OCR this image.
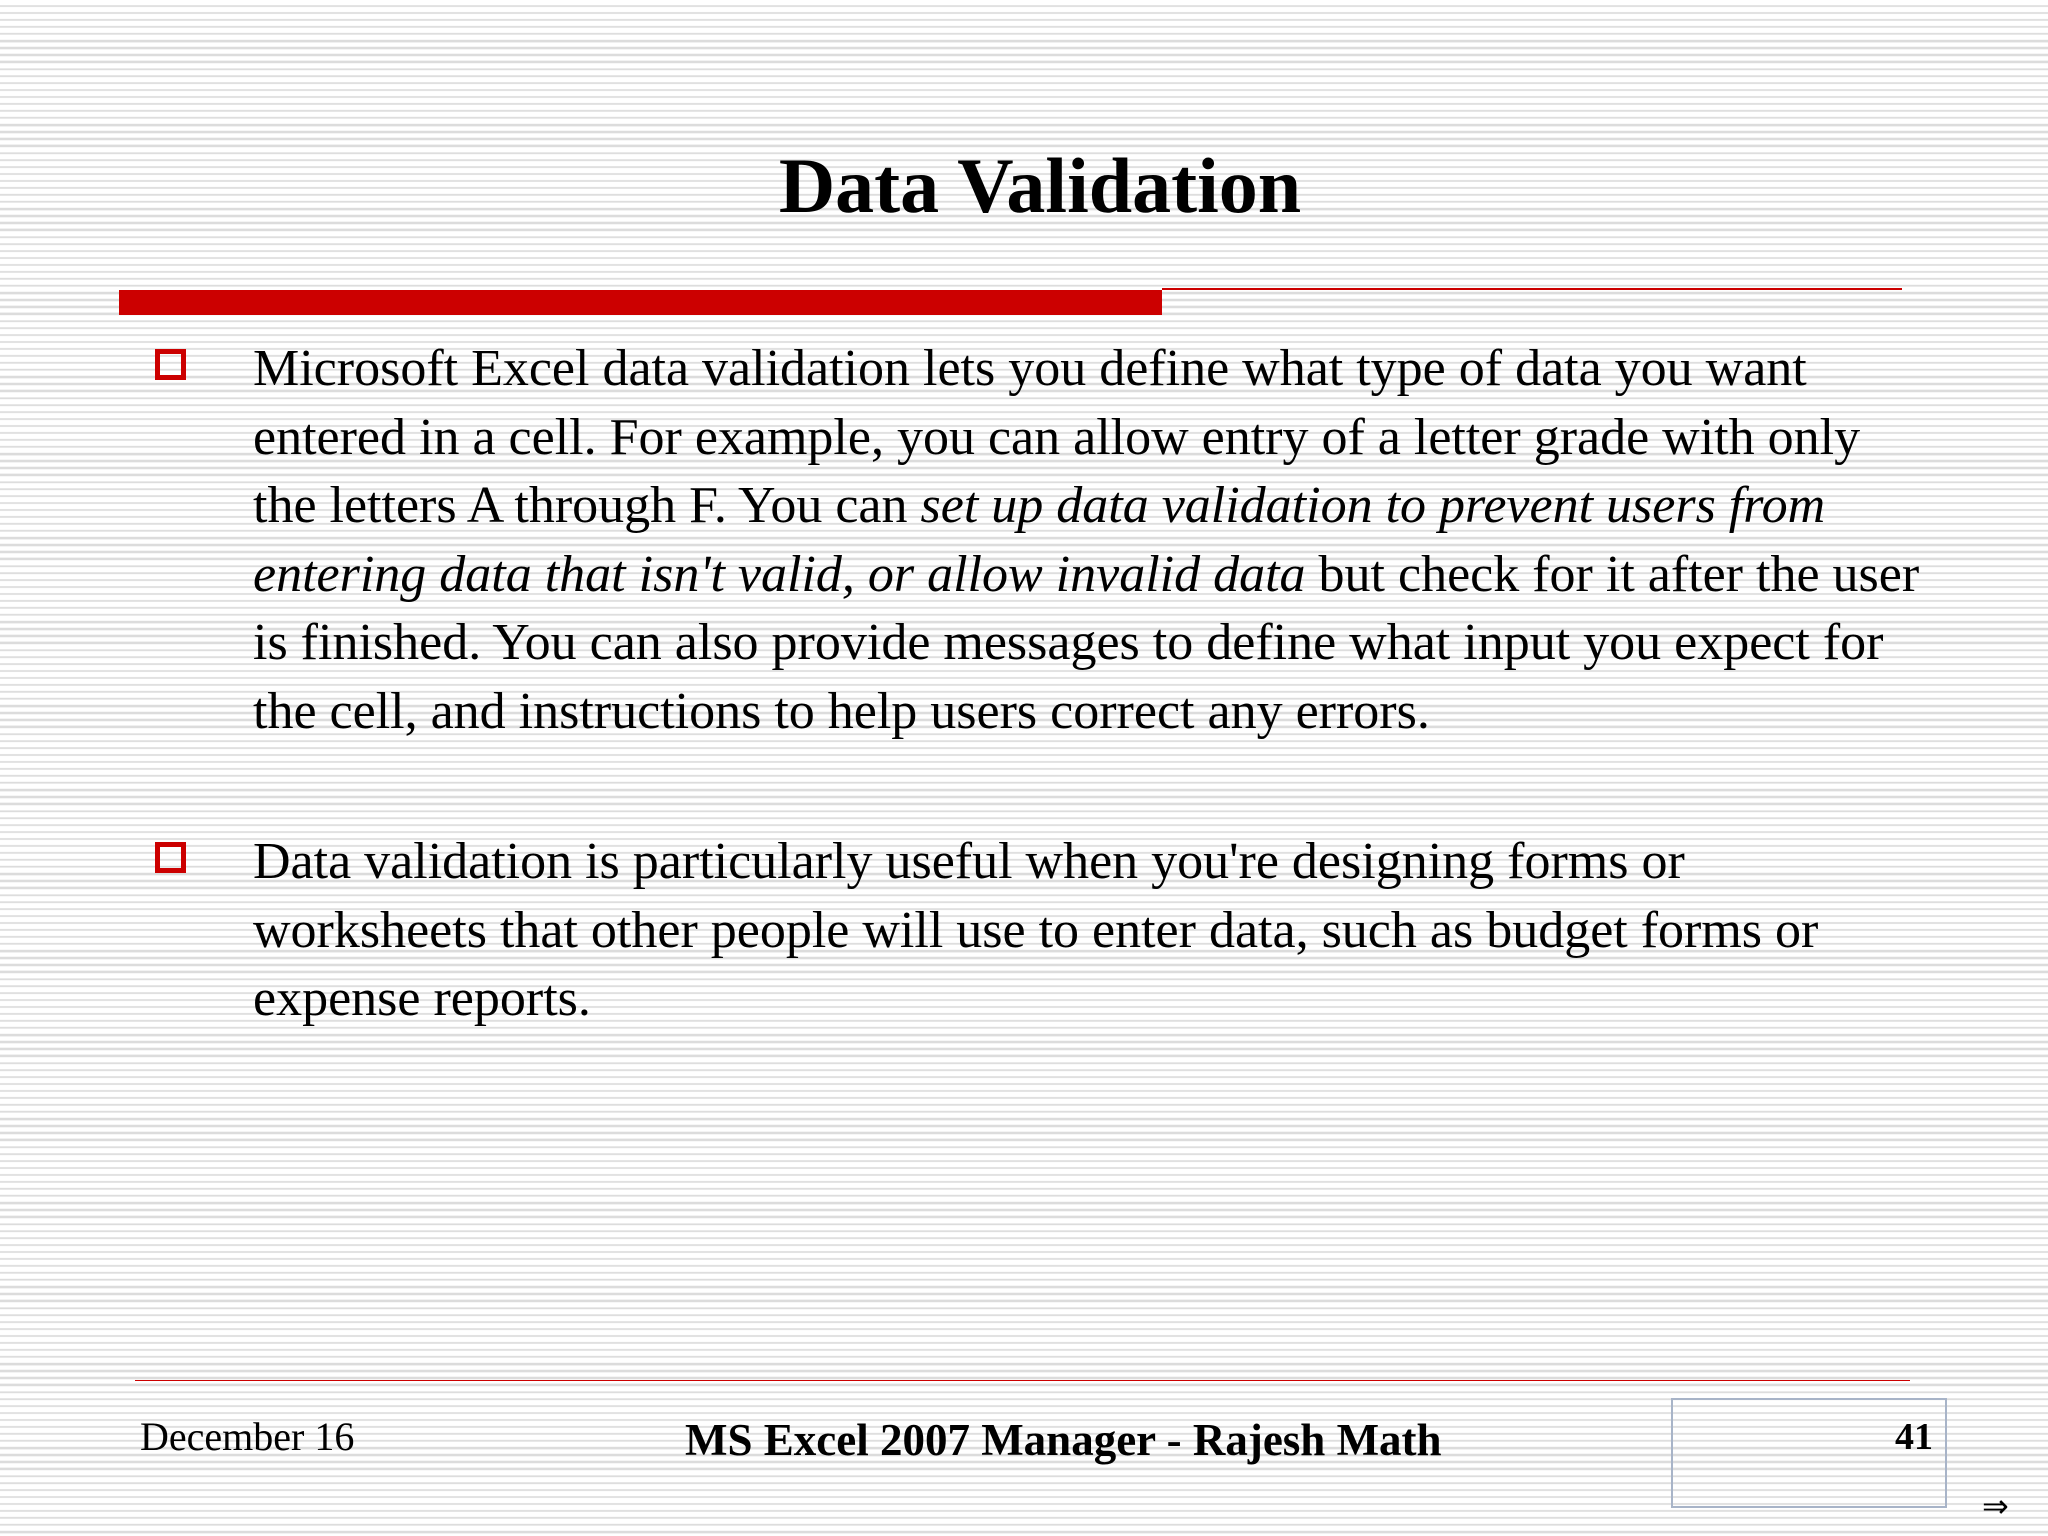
Data Validation

Microsoft Excel data validation lets you define what type of data you want entered in a cell. For example, you can allow entry of a letter grade with only the letters A through F. You can set up data validation to prevent users from entering data that isn't valid, or allow invalid data but check for it after the user is finished. You can also provide messages to define what input you expect for the cell, and instructions to help users correct any errors.

Data validation is particularly useful when you're designing forms or worksheets that other people will use to enter data, such as budget forms or expense reports.

December 16	MS Excel 2007 Manager - Rajesh Math	41
⇒
